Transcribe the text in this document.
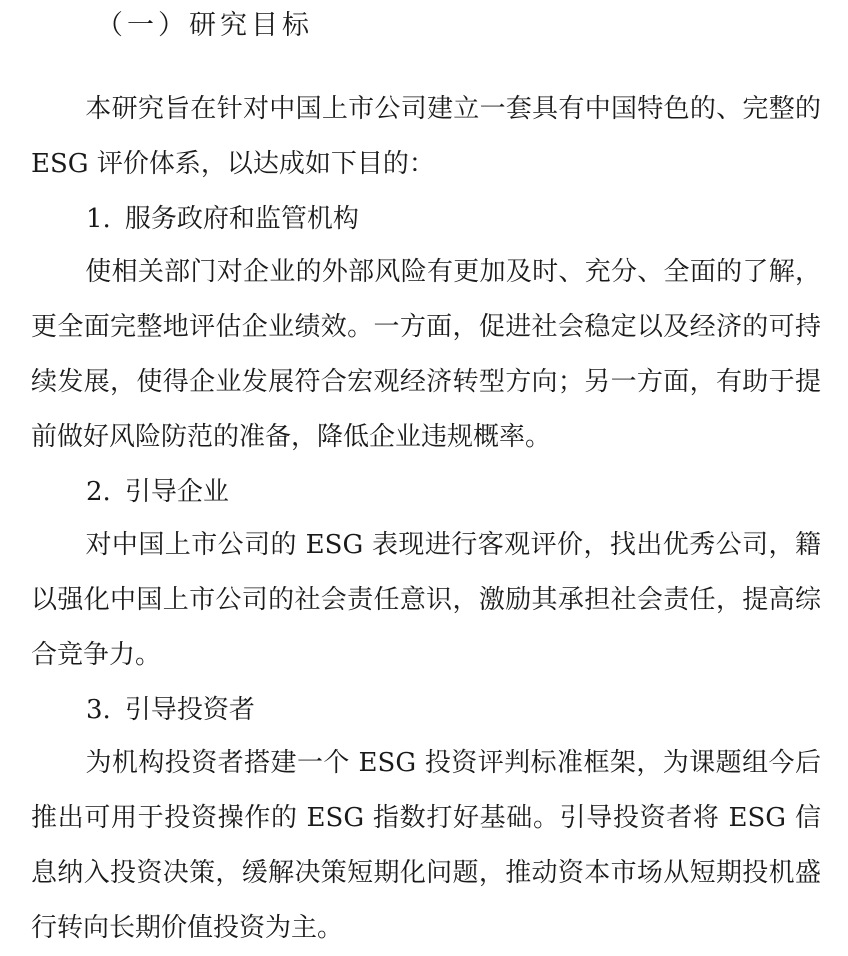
（一）研究目标

本研究旨在针对中国上市公司建立一套具有中国特色的、完整的 ESG 评价体系，以达成如下目的：

1. 服务政府和监管机构

使相关部门对企业的外部风险有更加及时、充分、全面的了解，更全面完整地评估企业绩效。一方面，促进社会稳定以及经济的可持续发展，使得企业发展符合宏观经济转型方向；另一方面，有助于提前做好风险防范的准备，降低企业违规概率。

2. 引导企业

对中国上市公司的 ESG 表现进行客观评价，找出优秀公司，籍以强化中国上市公司的社会责任意识，激励其承担社会责任，提高综合竞争力。

3. 引导投资者

为机构投资者搭建一个 ESG 投资评判标准框架，为课题组今后推出可用于投资操作的 ESG 指数打好基础。引导投资者将 ESG 信息纳入投资决策，缓解决策短期化问题，推动资本市场从短期投机盛行转向长期价值投资为主。
